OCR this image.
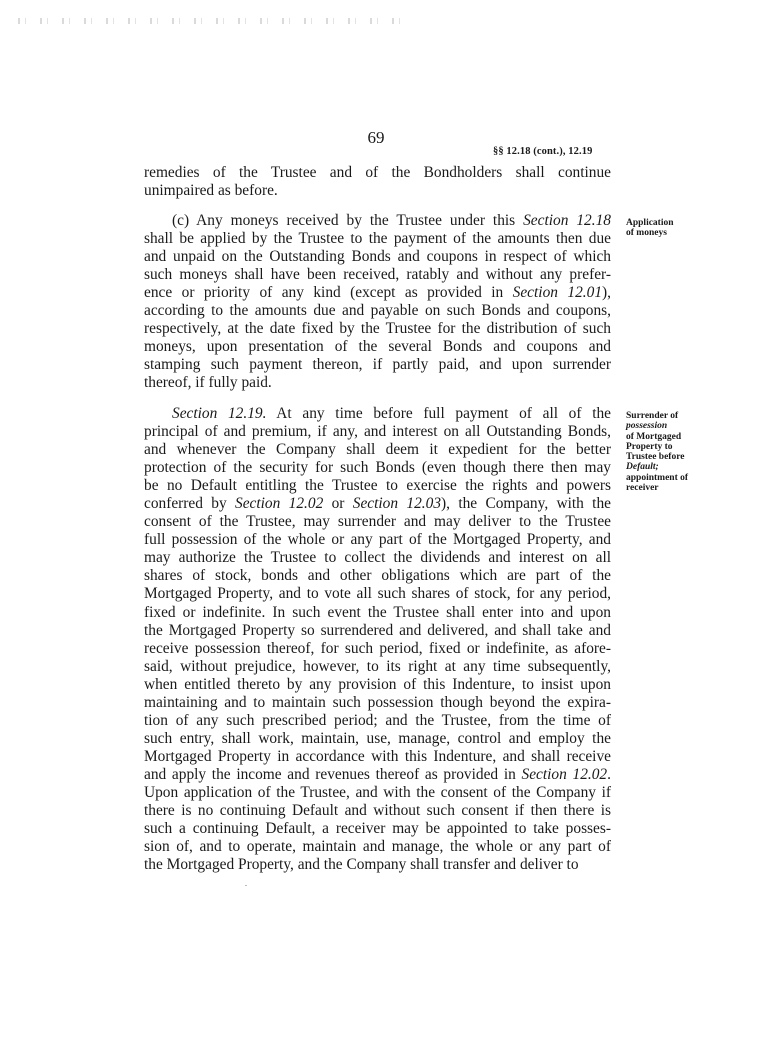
69
§§ 12.18 (cont.), 12.19
remedies of the Trustee and of the Bondholders shall continue
unimpaired as before.
(c) Any moneys received by the Trustee under this Section 12.18
shall be applied by the Trustee to the payment of the amounts then due
and unpaid on the Outstanding Bonds and coupons in respect of which
such moneys shall have been received, ratably and without any prefer-
ence or priority of any kind (except as provided in Section 12.01),
according to the amounts due and payable on such Bonds and coupons,
respectively, at the date fixed by the Trustee for the distribution of such
moneys, upon presentation of the several Bonds and coupons and
stamping such payment thereon, if partly paid, and upon surrender
thereof, if fully paid.
Section 12.19. At any time before full payment of all of the
principal of and premium, if any, and interest on all Outstanding Bonds,
and whenever the Company shall deem it expedient for the better
protection of the security for such Bonds (even though there then may
be no Default entitling the Trustee to exercise the rights and powers
conferred by Section 12.02 or Section 12.03), the Company, with the
consent of the Trustee, may surrender and may deliver to the Trustee
full possession of the whole or any part of the Mortgaged Property, and
may authorize the Trustee to collect the dividends and interest on all
shares of stock, bonds and other obligations which are part of the
Mortgaged Property, and to vote all such shares of stock, for any period,
fixed or indefinite. In such event the Trustee shall enter into and upon
the Mortgaged Property so surrendered and delivered, and shall take and
receive possession thereof, for such period, fixed or indefinite, as afore-
said, without prejudice, however, to its right at any time subsequently,
when entitled thereto by any provision of this Indenture, to insist upon
maintaining and to maintain such possession though beyond the expira-
tion of any such prescribed period; and the Trustee, from the time of
such entry, shall work, maintain, use, manage, control and employ the
Mortgaged Property in accordance with this Indenture, and shall receive
and apply the income and revenues thereof as provided in Section 12.02.
Upon application of the Trustee, and with the consent of the Company if
there is no continuing Default and without such consent if then there is
such a continuing Default, a receiver may be appointed to take posses-
sion of, and to operate, maintain and manage, the whole or any part of
the Mortgaged Property, and the Company shall transfer and deliver to
Application
of moneys
Surrender of
possession
of Mortgaged
Property to
Trustee before
Default;
appointment of
receiver
